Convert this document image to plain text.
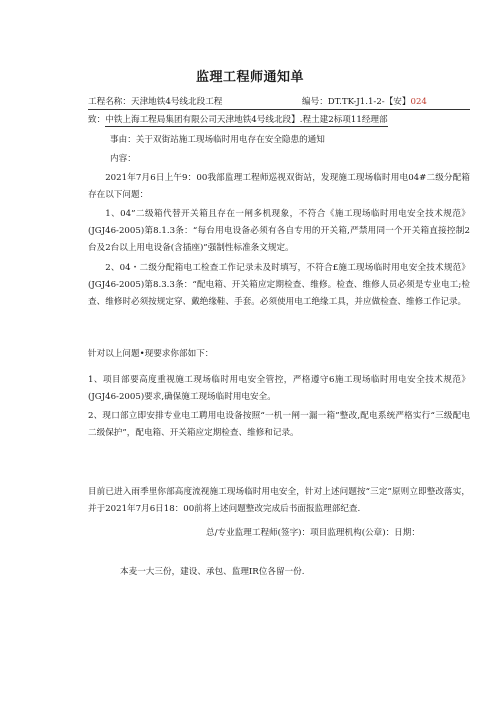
监理工程师通知单
工程名称：天津地铁4号线北段工程	编号：DT.TK-J1.1-2-【安】024
致：中铁上海工程局集团有限公司天津地铁4号线北段】.程土建2标项11经理部
事由：关于双街站施工现场临时用电存在安全隐患的通知
内容：

2021年7月6日上午9：00我部监理工程师巡视双街站，发现施工现场临时用电04#二级分配箱存在以下问题：

1、04”二级箱代替开关箱且存在一闸多机现象，不符合《施工现场临时用电安全技术规范》(JGJ46-2005)第8.1.3条：“每台用电设备必须有各自专用的开关箱,严禁用同一个开关箱直接控制2台及2台以上用电设备(含插座)”强制性标准条文规定。

2、04・二级分配箱电工检查工作记录未及时填写，不符合£施工现场临时用电安全技术规范》(JGJ46-2005)第8.3.3条：“配电箱、开关箱应定期检查、维修。检查、维修人员必须是专业电工;检查、维修时必须按规定穿、戴绝缘鞋、手套。必须使用电工绝缘工具，并应做检查、维修工作记录。

针对以上问题•现要求你部如下：

1、项目部要高度重视施工现场临时用电安全管控，严格遵守6施工现场临时用电安全技术规范》(JGJ46-2005)要求,确保施工现场临时用电安全。

2、现口部立即安排专业电工聘用电设备按照“一机一闸一漏一箱”整改,配电系统严格实行“三级配电二级保护”，配电箱、开关箱应定期检查、维修和记录。

目前已进入雨季里你部高度流视施工现场临时用电安全，针对上述问题按“三定”原则立即整改落实，并于2021年7月6日18：00前将上述问题整改完成后书面报监理部纪查.

总/专业监理工程师(签字)：项目监理机构(公章)：日期：
本麦一大三份，建设、承包、监理IR位各留一份.
